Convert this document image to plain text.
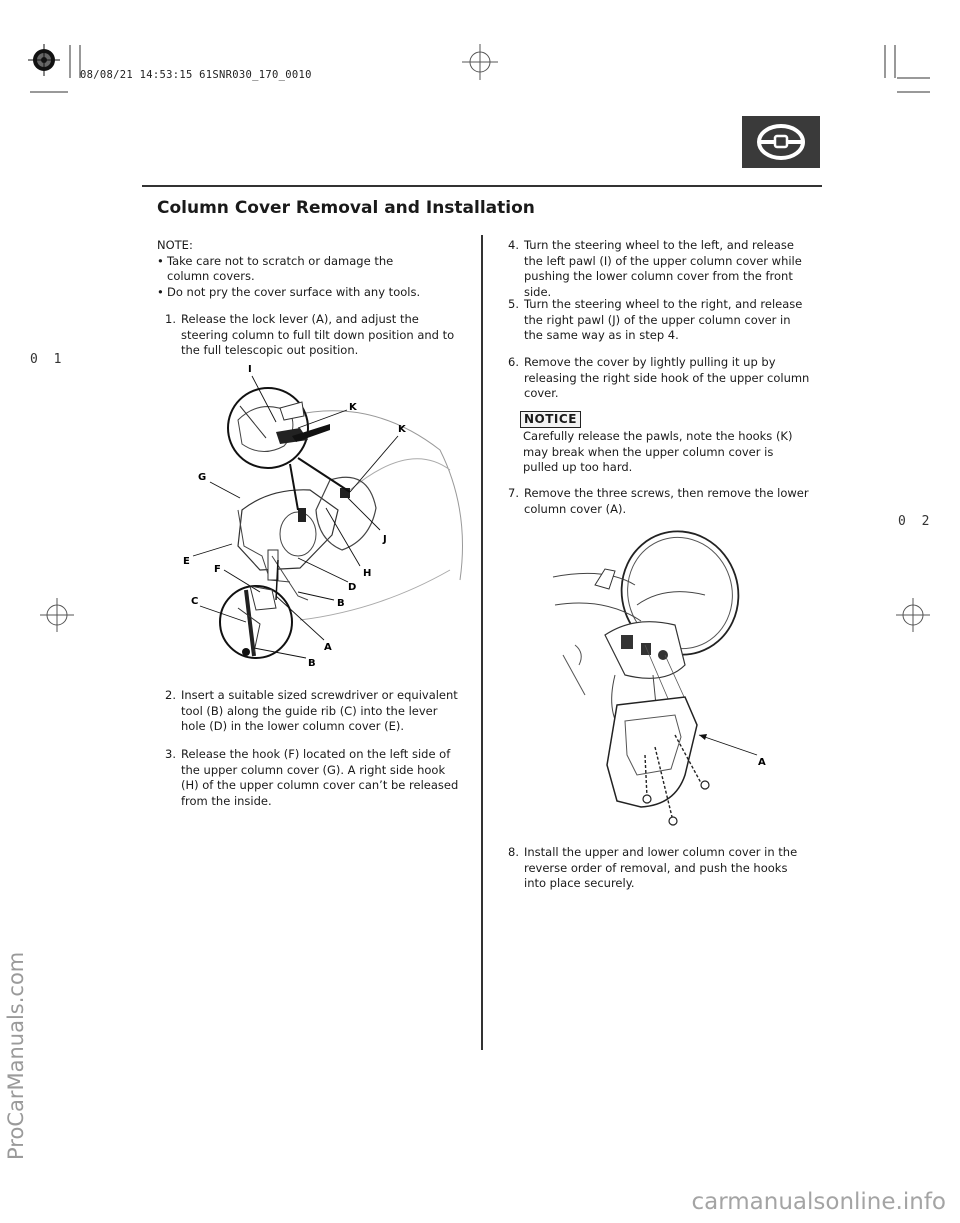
08/08/21 14:53:15 61SNR030_170_0010
0 1
0 2
Column Cover Removal and Installation

NOTE:

• Take care not to scratch or damage the column covers.
• Do not pry the cover surface with any tools.
1. Release the lock lever (A), and adjust the steering column to full tilt down position and to the full telescopic out position.
I
K
K
G
J
E
F	H
D
C	B
A
B
2. Insert a suitable sized screwdriver or equivalent tool (B) along the guide rib (C) into the lever hole (D) in the lower column cover (E).
3. Release the hook (F) located on the left side of the upper column cover (G). A right side hook (H) of the upper column cover can’t be released from the inside.
4. Turn the steering wheel to the left, and release the left pawl (I) of the upper column cover while pushing the lower column cover from the front side.
5. Turn the steering wheel to the right, and release the right pawl (J) of the upper column cover in the same way as in step 4.
6. Remove the cover by lightly pulling it up by releasing the right side hook of the upper column cover.
NOTICE
Carefully release the pawls, note the hooks (K) may break when the upper column cover is pulled up too hard.
7. Remove the three screws, then remove the lower column cover (A).
A
8. Install the upper and lower column cover in the reverse order of removal, and push the hooks into place securely.
ProCarManuals.com
carmanualsonline.info
